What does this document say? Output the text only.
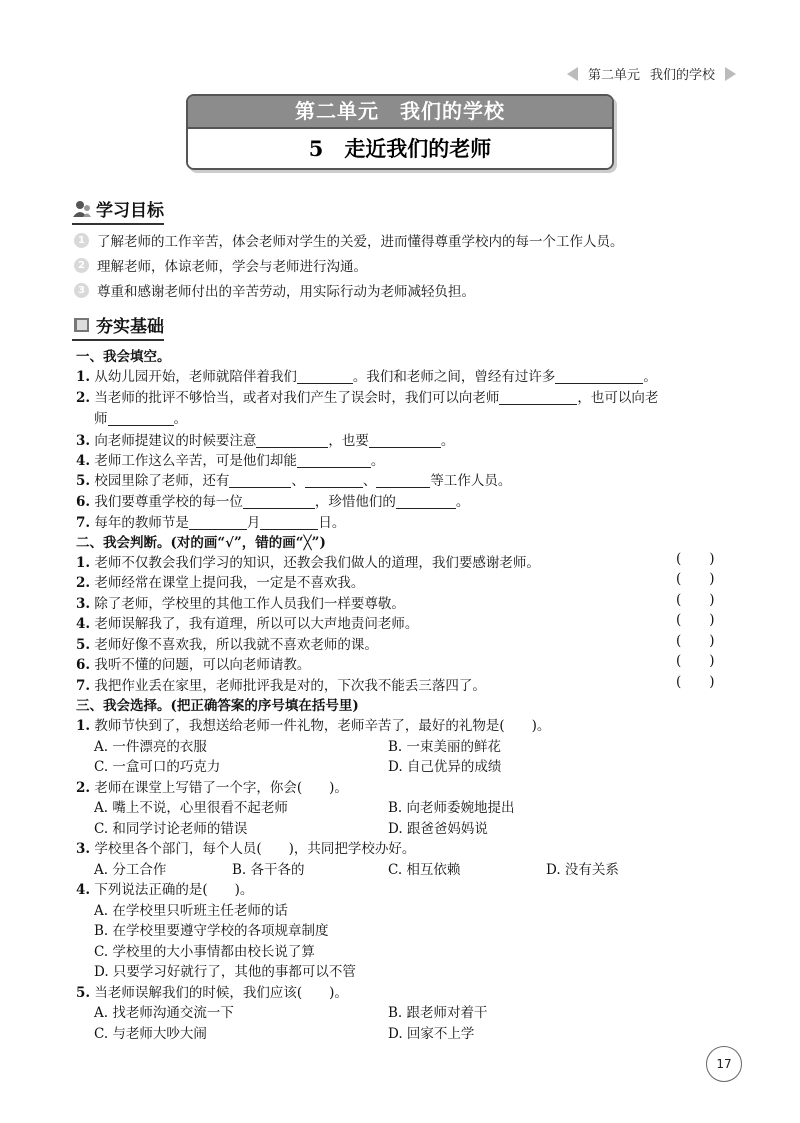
第二单元 我们的学校
第二单元　我们的学校
5　 走近我们的老师
学习目标
1 了解老师的工作辛苦，体会老师对学生的关爱，进而懂得尊重学校内的每一个工作人员。
2 理解老师，体谅老师，学会与老师进行沟通。
3 尊重和感谢老师付出的辛苦劳动，用实际行动为老师减轻负担。
夯实基础
一、我会填空。
1. 从幼儿园开始，老师就陪伴着我们	。我们和老师之间，曾经有过许多	。
2. 当老师的批评不够恰当，或者对我们产生了误会时，我们可以向老师	，也可以向老
师	。
3. 向老师提建议的时候要注意	，也要	。
4. 老师工作这么辛苦，可是他们却能	。
5. 校园里除了老师，还有	、	、	等工作人员。
6. 我们要尊重学校的每一位	，珍惜他们的	。
7. 每年的教师节是	月	日。
二、我会判断。(对的画“√”，错的画“╳”)
1. 老师不仅教会我们学习的知识，还教会我们做人的道理，我们要感谢老师。	()
2. 老师经常在课堂上提问我，一定是不喜欢我。	()
3. 除了老师，学校里的其他工作人员我们一样要尊敬。	()
4. 老师误解我了，我有道理，所以可以大声地责问老师。	()
5. 老师好像不喜欢我，所以我就不喜欢老师的课。	()
6. 我听不懂的问题，可以向老师请教。	()
7. 我把作业丢在家里，老师批评我是对的，下次我不能丢三落四了。	()
三、我会选择。(把正确答案的序号填在括号里)
1. 教师节快到了，我想送给老师一件礼物，老师辛苦了，最好的礼物是(　　)。
A. 一件漂亮的衣服	B. 一束美丽的鲜花
C. 一盒可口的巧克力	D. 自己优异的成绩
2. 老师在课堂上写错了一个字，你会(　　)。
A. 嘴上不说，心里很看不起老师	B. 向老师委婉地提出
C. 和同学讨论老师的错误	D. 跟爸爸妈妈说
3. 学校里各个部门，每个人员(　　)，共同把学校办好。
A. 分工合作	B. 各干各的	C. 相互依赖	D. 没有关系
4. 下列说法正确的是(　　)。
A. 在学校里只听班主任老师的话
B. 在学校里要遵守学校的各项规章制度
C. 学校里的大小事情都由校长说了算
D. 只要学习好就行了，其他的事都可以不管
5. 当老师误解我们的时候，我们应该(　　)。
A. 找老师沟通交流一下	B. 跟老师对着干
C. 与老师大吵大闹	D. 回家不上学
17
